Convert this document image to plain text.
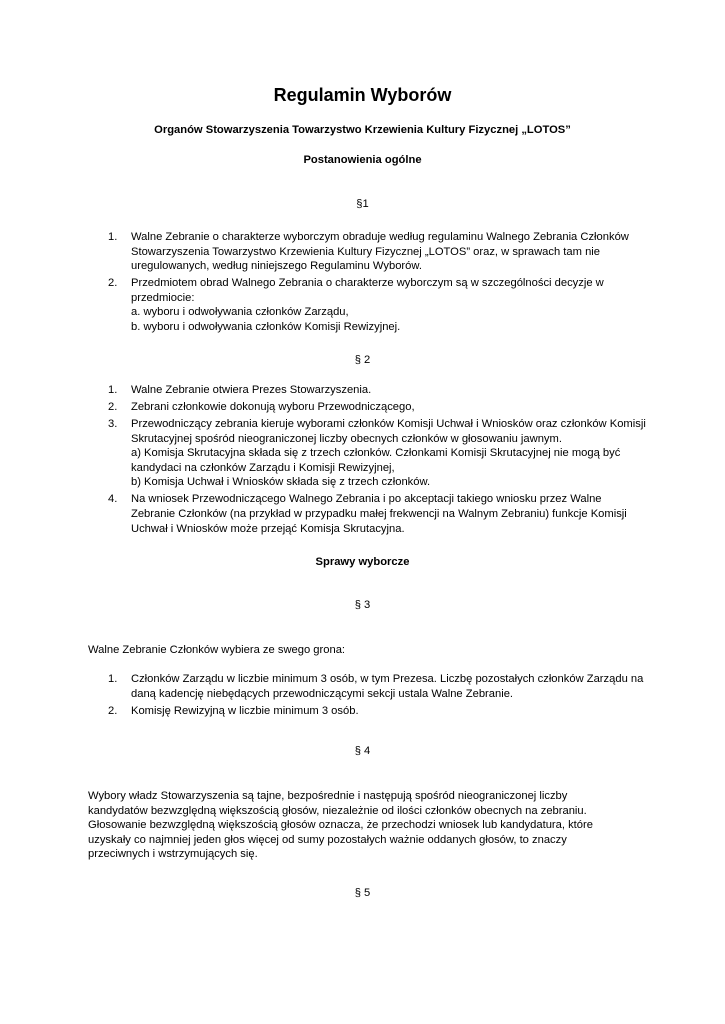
Regulamin Wyborów
Organów Stowarzyszenia Towarzystwo Krzewienia Kultury Fizycznej „LOTOS”
Postanowienia ogólne
§1
1. Walne Zebranie o charakterze wyborczym obraduje według regulaminu Walnego Zebrania Członków Stowarzyszenia Towarzystwo Krzewienia Kultury Fizycznej „LOTOS” oraz, w sprawach tam nie uregulowanych, według niniejszego Regulaminu Wyborów.
2. Przedmiotem obrad Walnego Zebrania o charakterze wyborczym są w szczególności decyzje w przedmiocie:
a. wyboru i odwoływania członków Zarządu,
b. wyboru i odwoływania członków Komisji Rewizyjnej.
§ 2
1. Walne Zebranie otwiera Prezes Stowarzyszenia.
2. Zebrani członkowie dokonują wyboru Przewodniczącego,
3. Przewodniczący zebrania kieruje wyborami członków Komisji Uchwał i Wniosków oraz członków Komisji Skrutacyjnej spośród nieograniczonej liczby obecnych członków w głosowaniu jawnym.
a) Komisja Skrutacyjna składa się z trzech członków. Członkami Komisji Skrutacyjnej nie mogą być kandydaci na członków Zarządu i Komisji Rewizyjnej,
b) Komisja Uchwał i Wniosków składa się z trzech członków.
4. Na wniosek Przewodniczącego Walnego Zebrania i po akceptacji takiego wniosku przez Walne Zebranie Członków (na przykład w przypadku małej frekwencji na Walnym Zebraniu) funkcje Komisji Uchwał i Wniosków może przejąć Komisja Skrutacyjna.
Sprawy wyborcze
§ 3

Walne Zebranie Członków wybiera ze swego grona:

1. Członków Zarządu w liczbie minimum 3 osób, w tym Prezesa. Liczbę pozostałych członków Zarządu na daną kadencję niebędących przewodniczącymi sekcji ustala Walne Zebranie.
2. Komisję Rewizyjną w liczbie minimum 3 osób.
§ 4

Wybory władz Stowarzyszenia są tajne, bezpośrednie i następują spośród nieograniczonej liczby kandydatów bezwzględną większością głosów, niezależnie od ilości członków obecnych na zebraniu. Głosowanie bezwzględną większością głosów oznacza, że przechodzi wniosek lub kandydatura, które uzyskały co najmniej jeden głos więcej od sumy pozostałych ważnie oddanych głosów, to znaczy przeciwnych i wstrzymujących się.

§ 5
